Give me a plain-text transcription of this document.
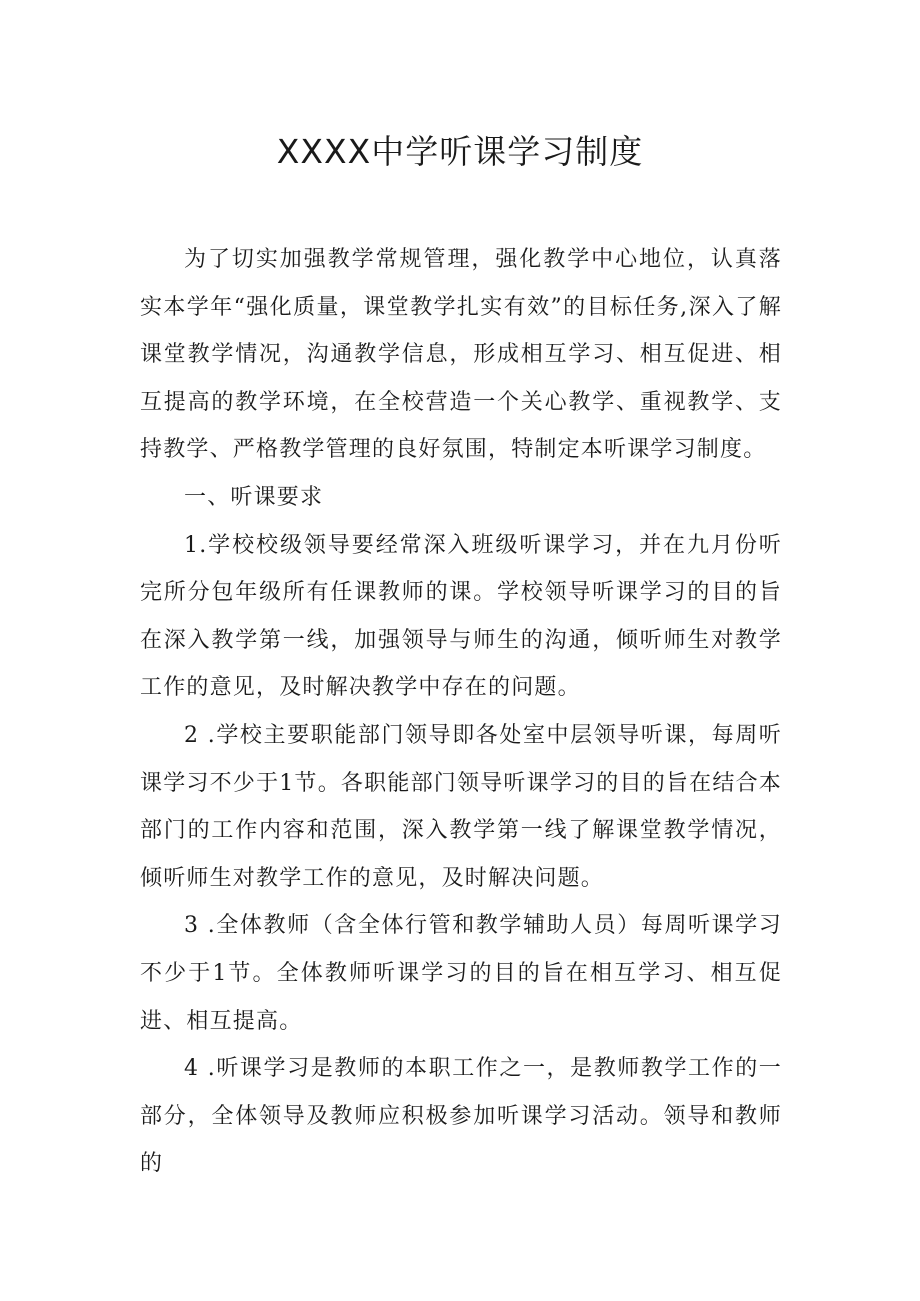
XXXX中学听课学习制度

为了切实加强教学常规管理，强化教学中心地位，认真落实本学年“强化质量，课堂教学扎实有效”的目标任务,深入了解课堂教学情况，沟通教学信息，形成相互学习、相互促进、相互提高的教学环境，在全校营造一个关心教学、重视教学、支持教学、严格教学管理的良好氛围，特制定本听课学习制度。

一、听课要求

1.学校校级领导要经常深入班级听课学习，并在九月份听完所分包年级所有任课教师的课。学校领导听课学习的目的旨在深入教学第一线，加强领导与师生的沟通，倾听师生对教学工作的意见，及时解决教学中存在的问题。

2 .学校主要职能部门领导即各处室中层领导听课，每周听课学习不少于1节。各职能部门领导听课学习的目的旨在结合本部门的工作内容和范围，深入教学第一线了解课堂教学情况，倾听师生对教学工作的意见，及时解决问题。

3 .全体教师（含全体行管和教学辅助人员）每周听课学习不少于1节。全体教师听课学习的目的旨在相互学习、相互促进、相互提高。

4 .听课学习是教师的本职工作之一，是教师教学工作的一部分，全体领导及教师应积极参加听课学习活动。领导和教师的
